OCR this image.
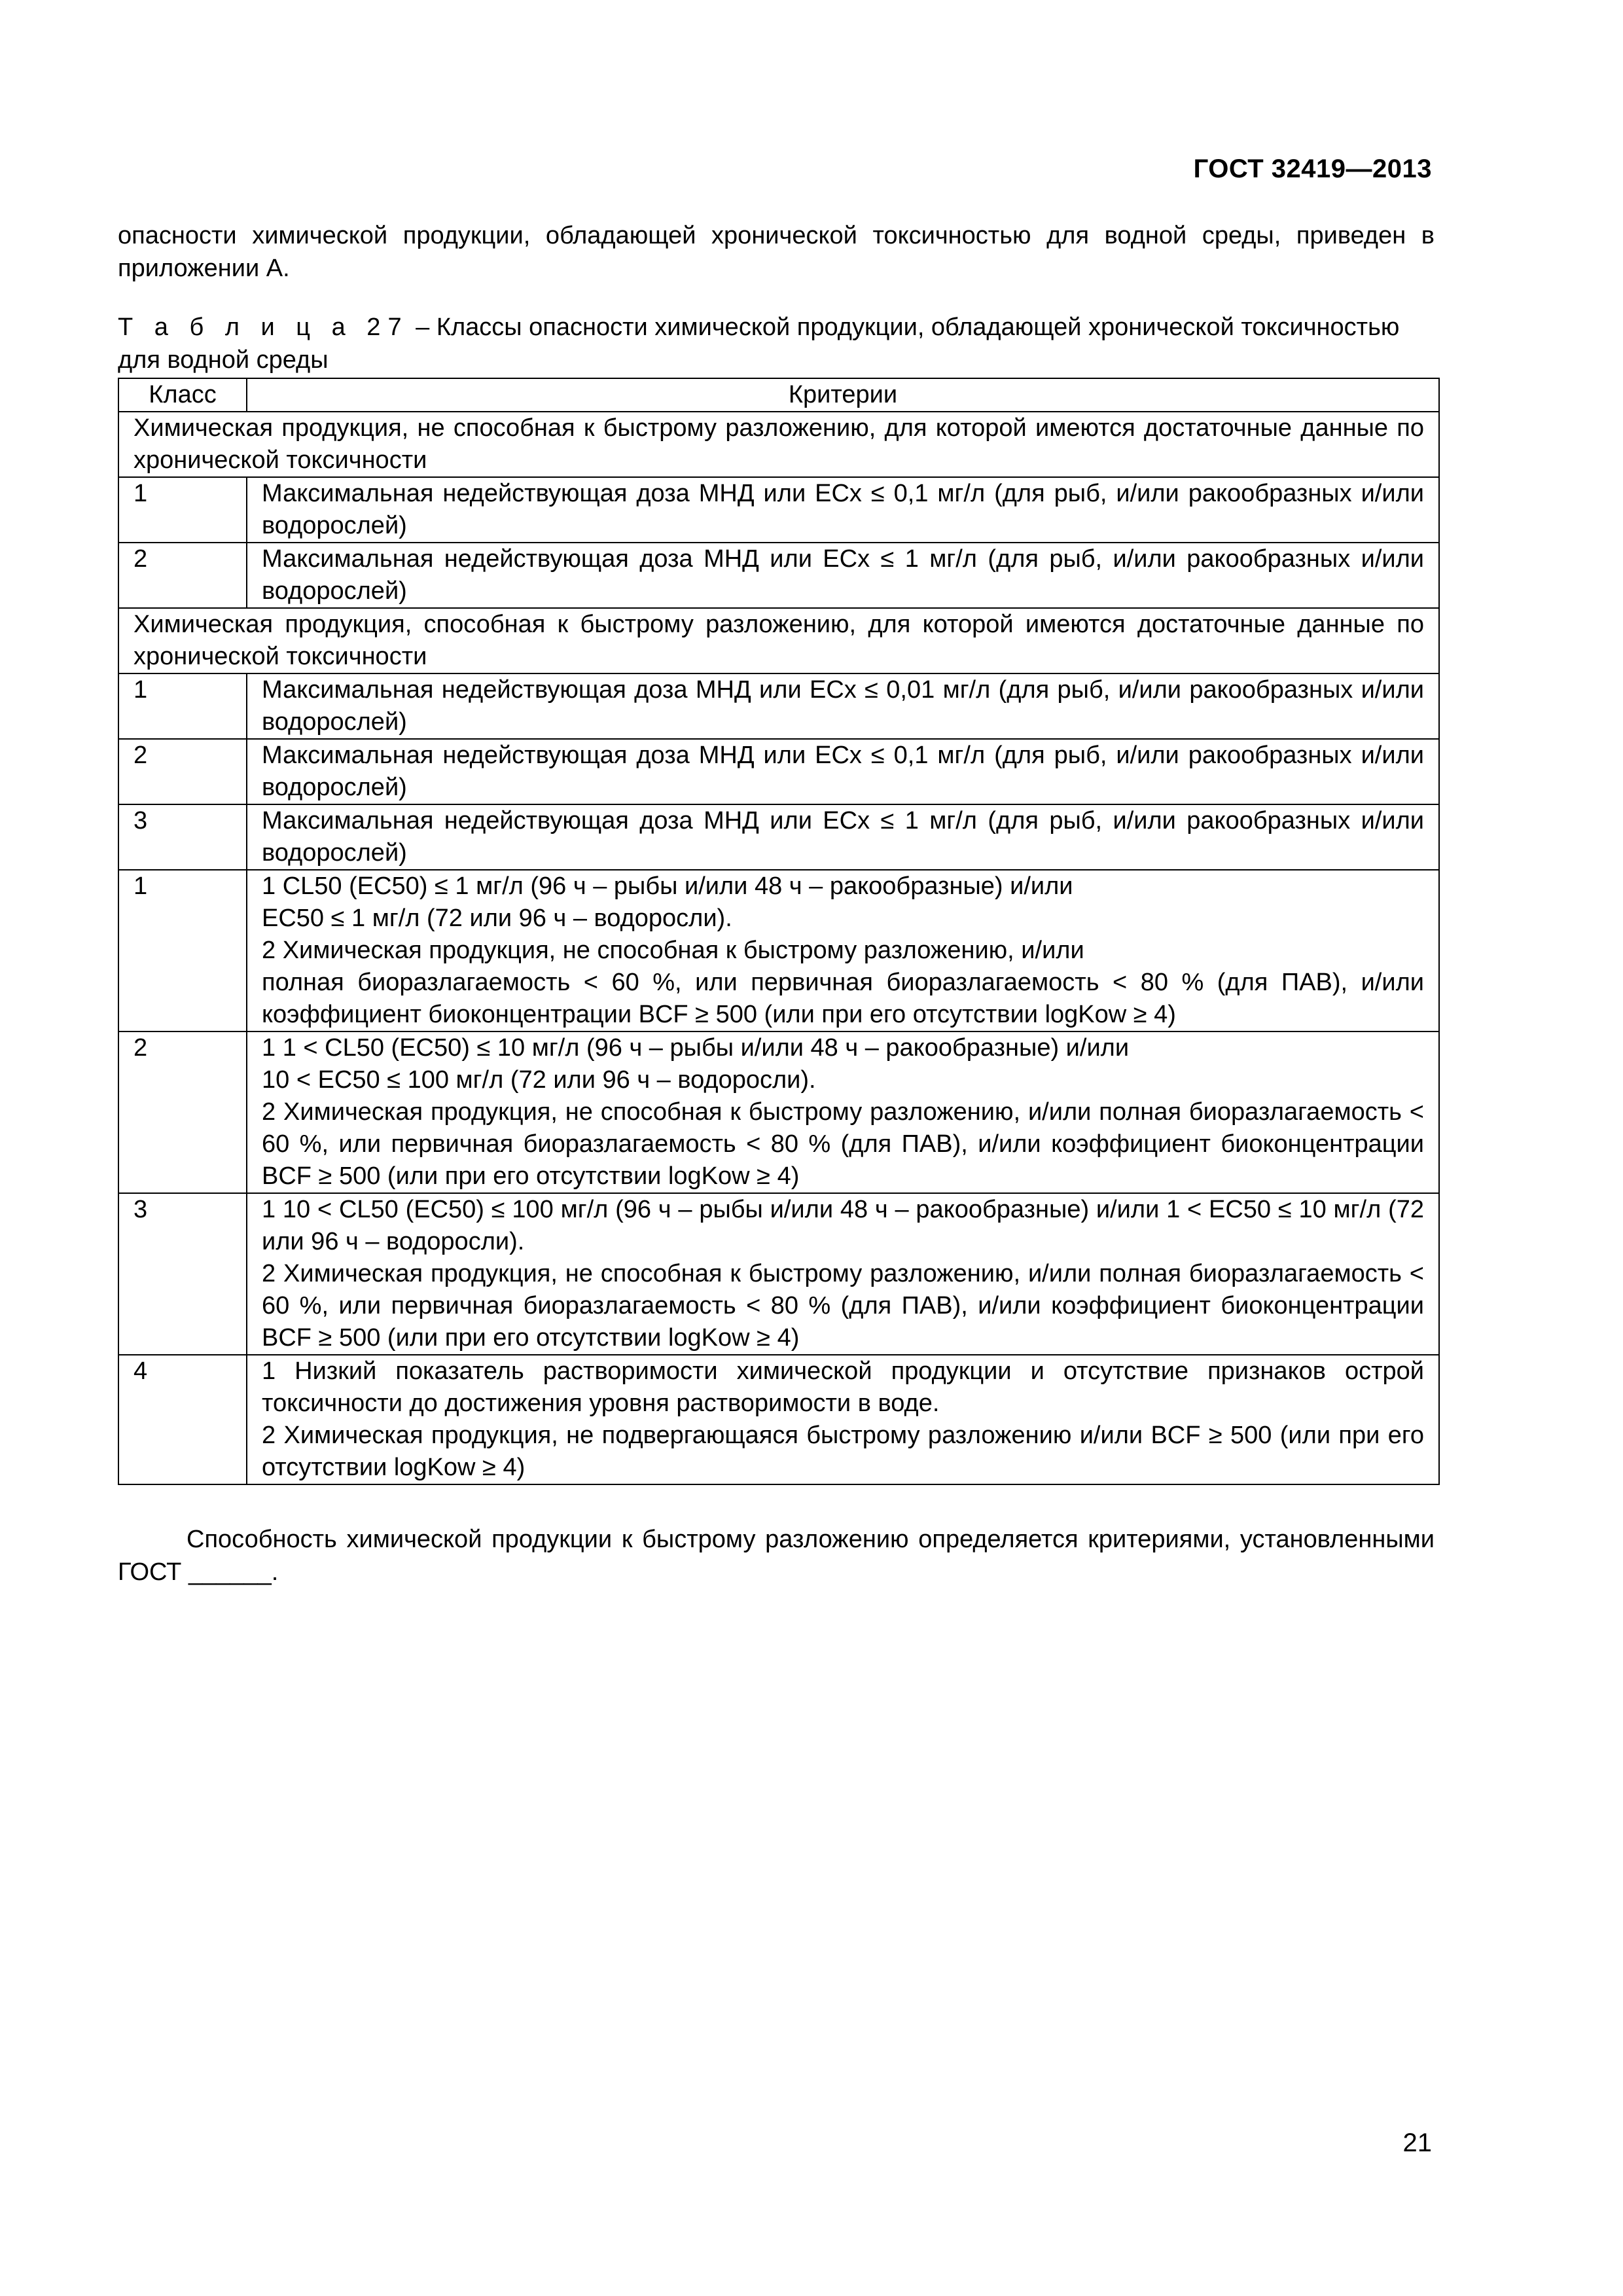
ГОСТ 32419—2013
опасности химической продукции, обладающей хронической токсичностью для водной среды, приведен в приложении А.
Т а б л и ц а 27 – Классы опасности химической продукции, обладающей хронической токсичностью для водной среды
Класс	Критерии
Химическая продукция, не способная к быстрому разложению, для которой имеются достаточные данные по хронической токсичности	
1	Максимальная недействующая доза МНД или ECx ≤ 0,1 мг/л (для рыб, и/или ракообразных и/или водорослей)

2	Максимальная недействующая доза МНД или ECx ≤ 1 мг/л (для рыб, и/или ракообразных и/или водорослей)

Химическая продукция, способная к быстрому разложению, для которой имеются достаточные данные по хронической токсичности	
1	Максимальная недействующая доза МНД или ECx ≤ 0,01 мг/л (для рыб, и/или ракообразных и/или водорослей)

2	Максимальная недействующая доза МНД или ECx ≤ 0,1 мг/л (для рыб, и/или ракообразных и/или водорослей)

3	Максимальная недействующая доза МНД или ECx ≤ 1 мг/л (для рыб, и/или ракообразных и/или водорослей)

1	1 CL50 (EC50) ≤ 1 мг/л (96 ч – рыбы и/или 48 ч – ракообразные) и/или
EC50 ≤ 1 мг/л (72 или 96 ч – водоросли).
2 Химическая продукция, не способная к быстрому разложению, и/или
полная биоразлагаемость < 60 %, или первичная биоразлагаемость < 80 % (для ПАВ), и/или коэффициент биоконцентрации BCF ≥ 500 (или при его отсутствии logKow ≥ 4)

2	1 1 < CL50 (EC50) ≤ 10 мг/л (96 ч – рыбы и/или 48 ч – ракообразные) и/или
10 < EC50 ≤ 100 мг/л (72 или 96 ч – водоросли).
2 Химическая продукция, не способная к быстрому разложению, и/или полная биоразлагаемость < 60 %, или первичная биоразлагаемость < 80 % (для ПАВ), и/или коэффициент биоконцентрации BCF ≥ 500 (или при его отсутствии logKow ≥ 4)

3	1 10 < CL50 (EC50) ≤ 100 мг/л (96 ч – рыбы и/или 48 ч – ракообразные) и/или 1 < EC50 ≤ 10 мг/л (72 или 96 ч – водоросли).
2 Химическая продукция, не способная к быстрому разложению, и/или полная биоразлагаемость < 60 %, или первичная биоразлагаемость < 80 % (для ПАВ), и/или коэффициент биоконцентрации BCF ≥ 500 (или при его отсутствии logKow ≥ 4)

4	1 Низкий показатель растворимости химической продукции и отсутствие признаков острой токсичности до достижения уровня растворимости в воде.
2 Химическая продукция, не подвергающаяся быстрому разложению и/или BCF ≥ 500 (или при его отсутствии logKow ≥ 4)
Способность химической продукции к быстрому разложению определяется критериями, установленными ГОСТ ______.
21
